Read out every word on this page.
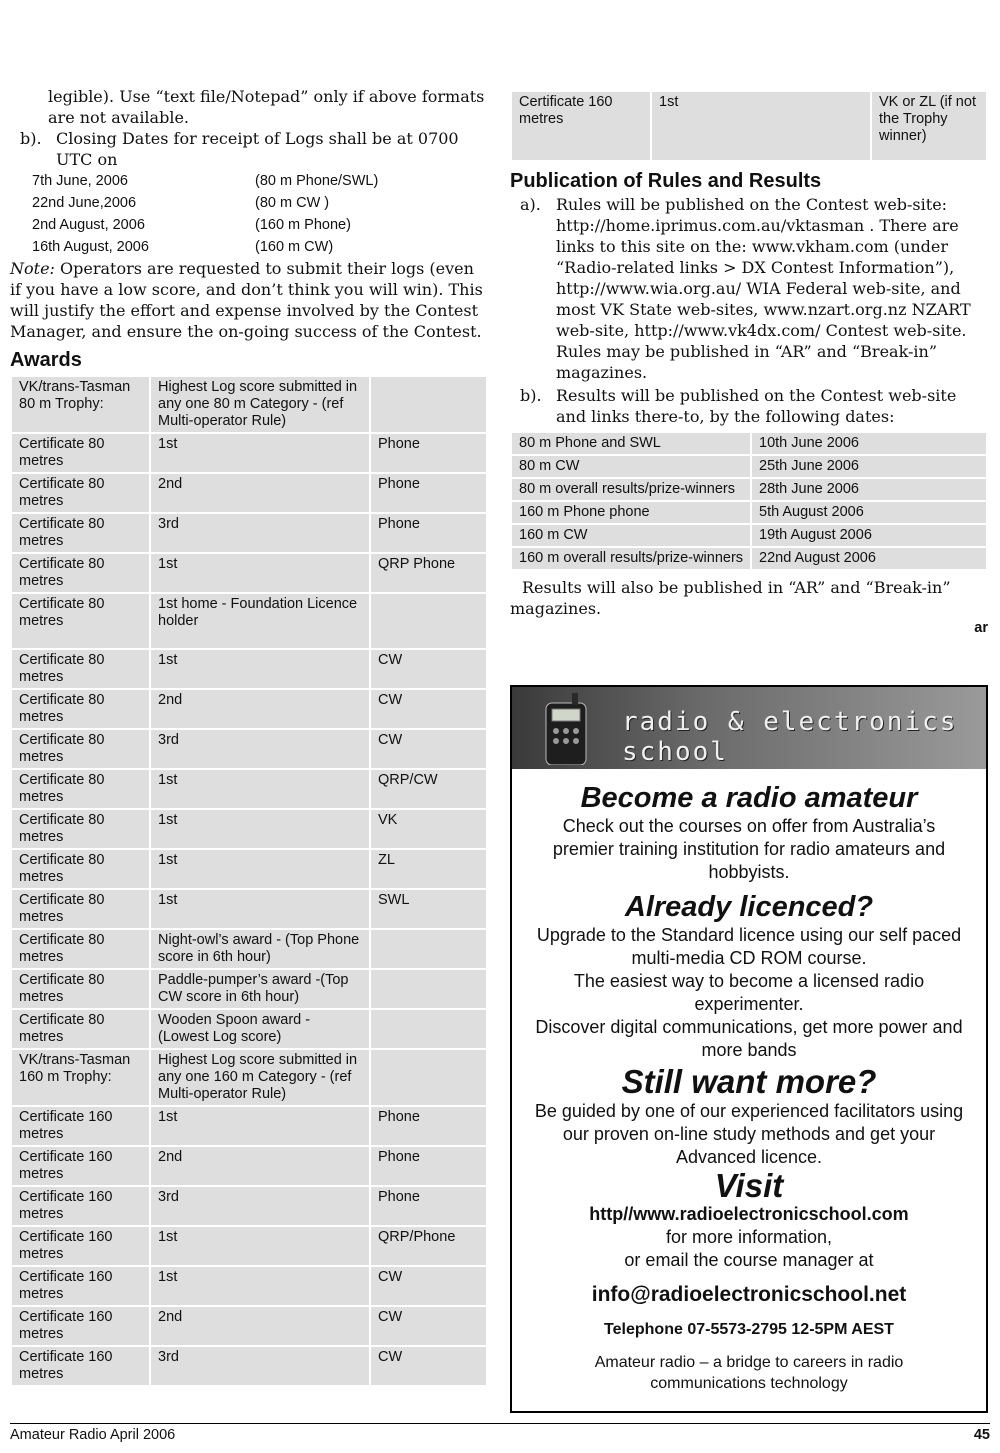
legible). Use “text file/Notepad” only if above formats are not available.

b). Closing Dates for receipt of Logs shall be at 0700 UTC on
7th June, 2006	(80 m Phone/SWL)
22nd June,2006	(80 m CW )
2nd August, 2006	(160 m Phone)
16th August, 2006	(160 m CW)

Note: Operators are requested to submit their logs (even if you have a low score, and don’t think you will win). This will justify the effort and expense involved by the Contest Manager, and ensure the on-going success of the Contest.

Awards
VK/trans-Tasman 80 m Trophy:	Highest Log score submitted in any one 80 m Category - (ref Multi-operator Rule)	
Certificate 80 metres	1st	Phone
Certificate 80 metres	2nd	Phone
Certificate 80 metres	3rd	Phone
Certificate 80 metres	1st	QRP Phone
Certificate 80 metres	1st home - Foundation Licence holder	
Certificate 80 metres	1st	CW
Certificate 80 metres	2nd	CW
Certificate 80 metres	3rd	CW
Certificate 80 metres	1st	QRP/CW
Certificate 80 metres	1st	VK
Certificate 80 metres	1st	ZL
Certificate 80 metres	1st	SWL
Certificate 80 metres	Night-owl’s award - (Top Phone score in 6th hour)	
Certificate 80 metres	Paddle-pumper’s award -(Top CW score in 6th hour)	
Certificate 80 metres	Wooden Spoon award - (Lowest Log score)	
VK/trans-Tasman 160 m Trophy:	Highest Log score submitted in any one 160 m Category - (ref Multi-operator Rule)	
Certificate 160 metres	1st	Phone
Certificate 160 metres	2nd	Phone
Certificate 160 metres	3rd	Phone
Certificate 160 metres	1st	QRP/Phone
Certificate 160 metres	1st	CW
Certificate 160 metres	2nd	CW
Certificate 160 metres	3rd	CW
Certificate 160 metres	1st	VK or ZL (if not the Trophy winner)
Publication of Rules and Results
a). Rules will be published on the Contest web-site: http://home.iprimus.com.au/vktasman . There are links to this site on the: www.vkham.com (under “Radio-related links > DX Contest Information”), http://www.wia.org.au/ WIA Federal web-site, and most VK State web-sites, www.nzart.org.nz NZART web-site, http://www.vk4dx.com/ Contest web-site. Rules may be published in “AR” and “Break-in” magazines.
b). Results will be published on the Contest web-site and links there-to, by the following dates:
80 m Phone and SWL	10th June 2006
80 m CW	25th June 2006
80 m overall results/prize-winners	28th June 2006
160 m Phone phone	5th August 2006
160 m CW	19th August 2006
160 m overall results/prize-winners	22nd August 2006

Results will also be published in “AR” and “Break-in” magazines.

ar
radio & electronics school
Become a radio amateur
Check out the courses on offer from Australia’s premier training institution for radio amateurs and hobbyists.
Already licenced?
Upgrade to the Standard licence using our self paced multi-media CD ROM course.
The easiest way to become a licensed radio experimenter.
Discover digital communications, get more power and more bands
Still want more?
Be guided by one of our experienced facilitators using our proven on-line study methods and get your Advanced licence.
Visit
http//www.radioelectronicschool.com
for more information,
or email the course manager at
info@radioelectronicschool.net
Telephone 07-5573-2795 12-5PM AEST
Amateur radio – a bridge to careers in radio communications technology
Amateur Radio April 2006	45
